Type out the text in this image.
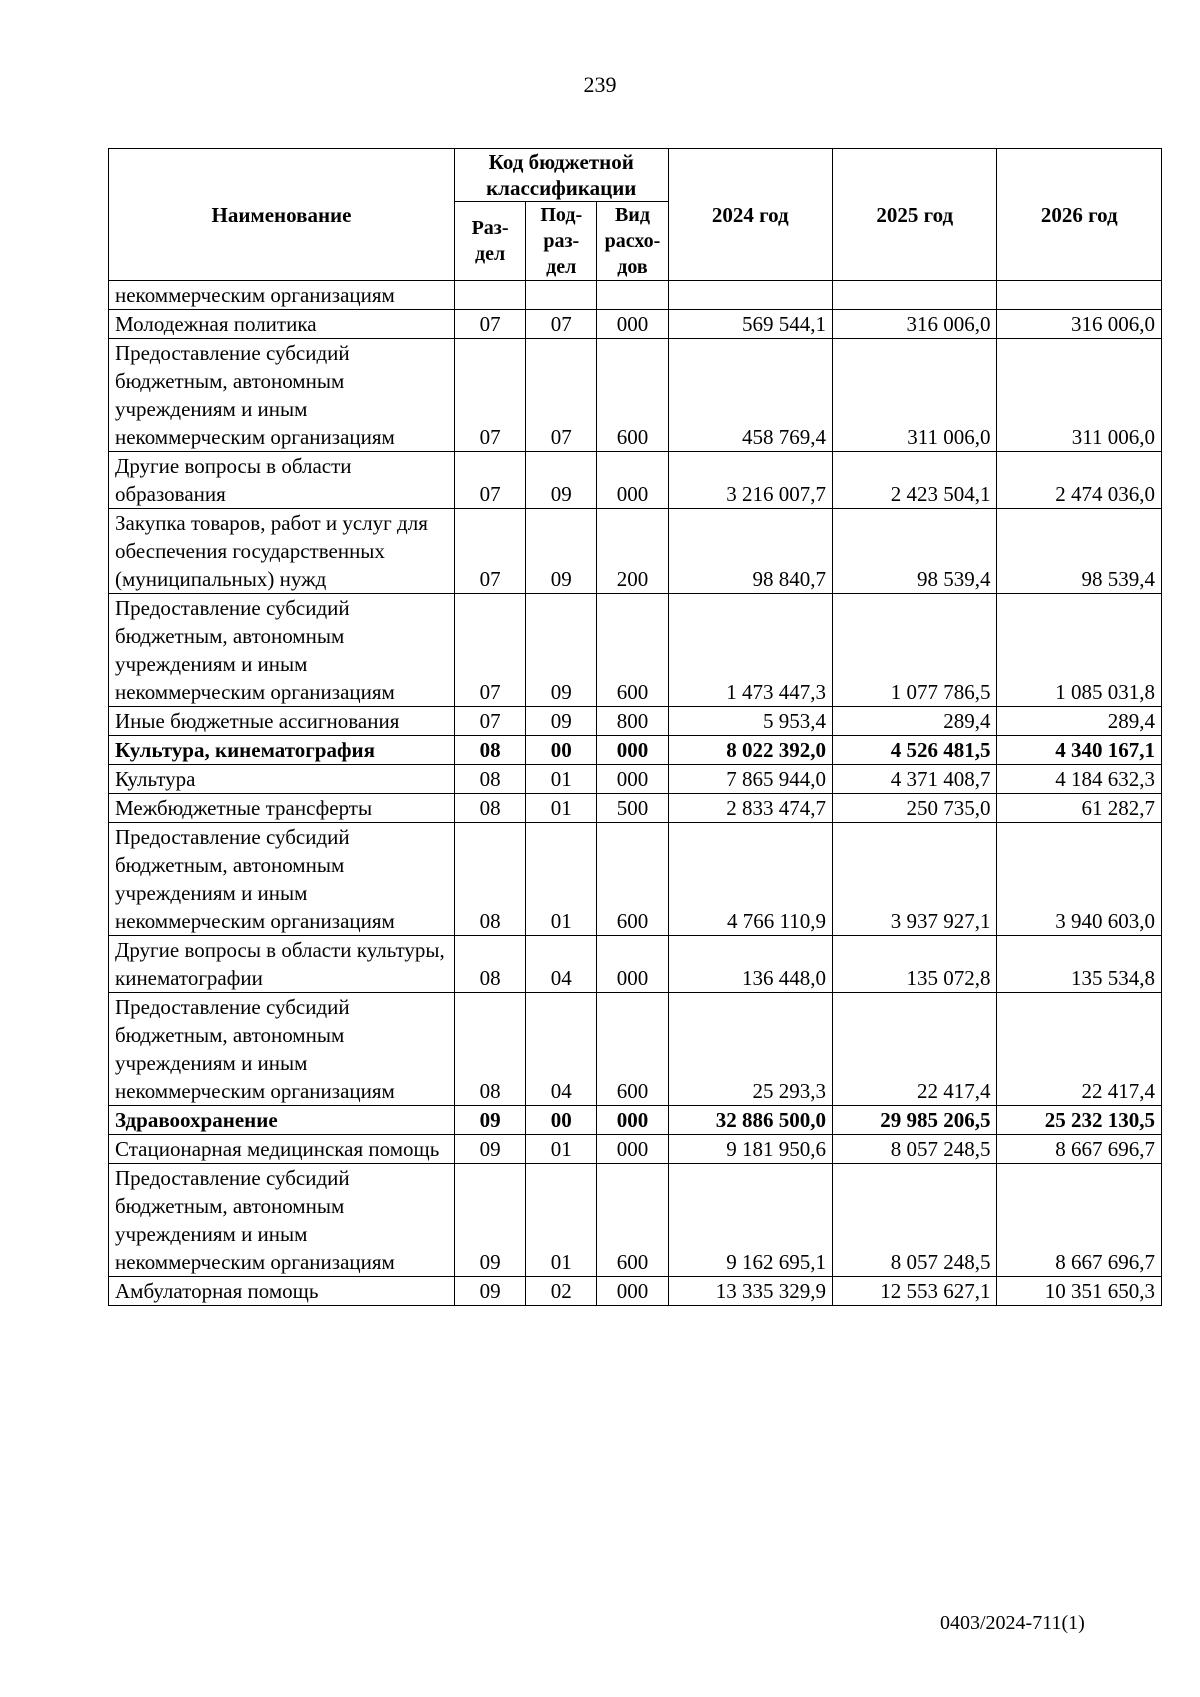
239
Наименование	Код бюджетной классификации			2024 год	2025 год	2026 год
	Раз-дел	Под-раз-дел	Вид расхо-дов			
некоммерческим организациям						
Молодежная политика	07	07	000	569 544,1	316 006,0	316 006,0
Предоставление субсидий бюджетным, автономным учреждениям и иным некоммерческим организациям	07	07	600	458 769,4	311 006,0	311 006,0
Другие вопросы в области образования	07	09	000	3 216 007,7	2 423 504,1	2 474 036,0
Закупка товаров, работ и услуг для обеспечения государственных (муниципальных) нужд	07	09	200	98 840,7	98 539,4	98 539,4
Предоставление субсидий бюджетным, автономным учреждениям и иным некоммерческим организациям	07	09	600	1 473 447,3	1 077 786,5	1 085 031,8
Иные бюджетные ассигнования	07	09	800	5 953,4	289,4	289,4
Культура, кинематография	08	00	000	8 022 392,0	4 526 481,5	4 340 167,1
Культура	08	01	000	7 865 944,0	4 371 408,7	4 184 632,3
Межбюджетные трансферты	08	01	500	2 833 474,7	250 735,0	61 282,7
Предоставление субсидий бюджетным, автономным учреждениям и иным некоммерческим организациям	08	01	600	4 766 110,9	3 937 927,1	3 940 603,0
Другие вопросы в области культуры, кинематографии	08	04	000	136 448,0	135 072,8	135 534,8
Предоставление субсидий бюджетным, автономным учреждениям и иным некоммерческим организациям	08	04	600	25 293,3	22 417,4	22 417,4
Здравоохранение	09	00	000	32 886 500,0	29 985 206,5	25 232 130,5
Стационарная медицинская помощь	09	01	000	9 181 950,6	8 057 248,5	8 667 696,7
Предоставление субсидий бюджетным, автономным учреждениям и иным некоммерческим организациям	09	01	600	9 162 695,1	8 057 248,5	8 667 696,7
Амбулаторная помощь	09	02	000	13 335 329,9	12 553 627,1	10 351 650,3
0403/2024-711(1)
